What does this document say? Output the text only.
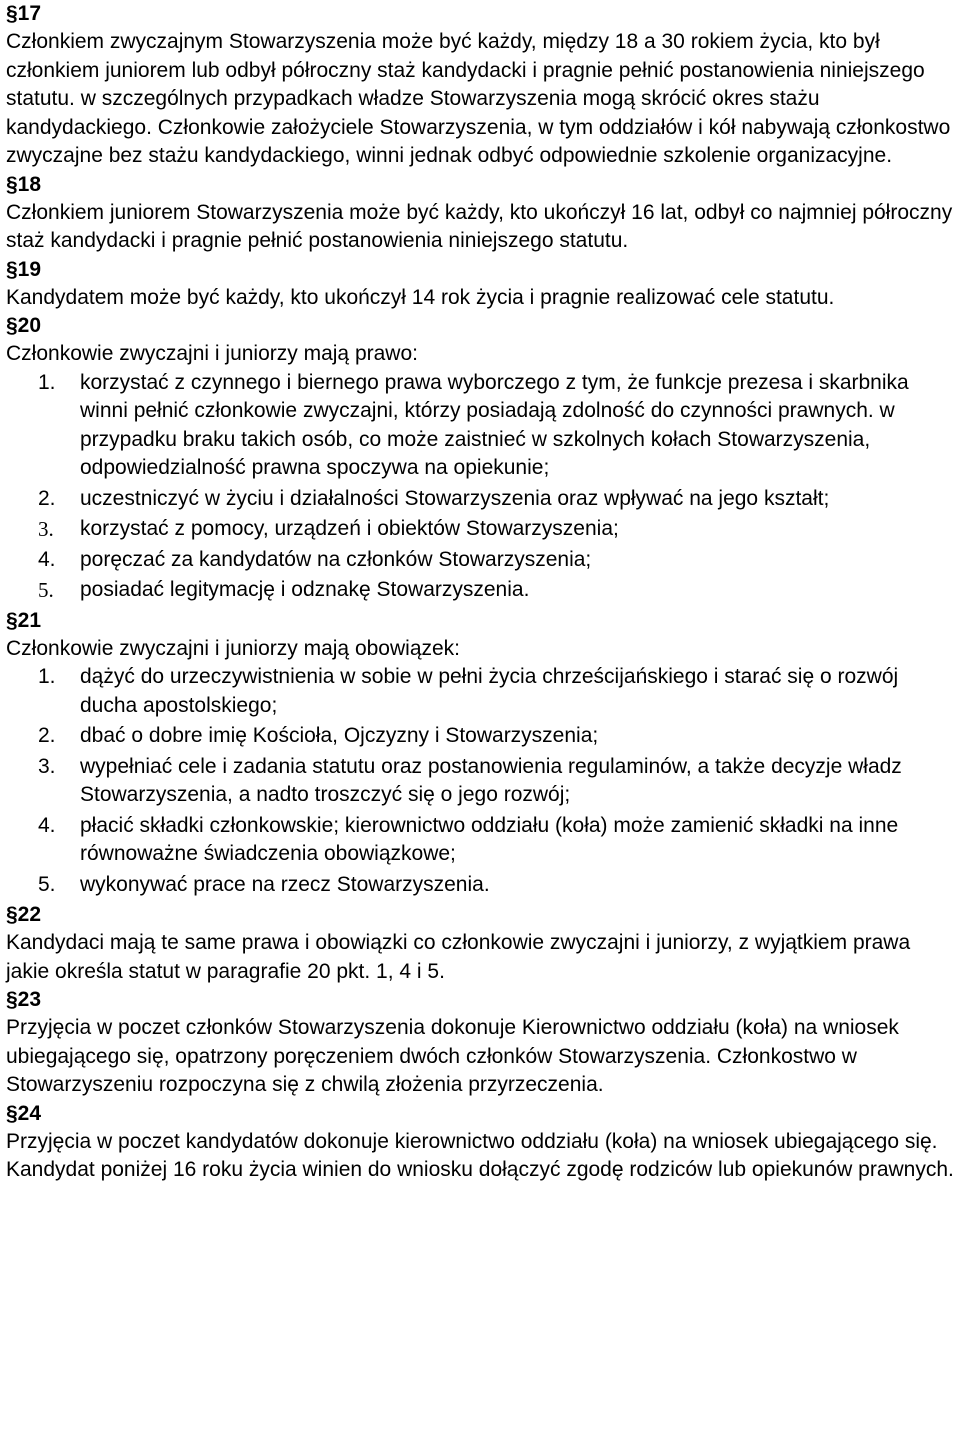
§17

Członkiem zwyczajnym Stowarzyszenia może być każdy, między 18 a 30 rokiem życia, kto był członkiem juniorem lub odbył półroczny staż kandydacki i pragnie pełnić postanowienia niniejszego statutu. w szczególnych przypadkach władze Stowarzyszenia mogą skrócić okres stażu kandydackiego. Członkowie założyciele Stowarzyszenia, w tym oddziałów i kół nabywają członkostwo zwyczajne bez stażu kandydackiego, winni jednak odbyć odpowiednie szkolenie organizacyjne.

§18

Członkiem juniorem Stowarzyszenia może być każdy, kto ukończył 16 lat, odbył co najmniej półroczny staż kandydacki i pragnie pełnić postanowienia niniejszego statutu.

§19

Kandydatem może być każdy, kto ukończył 14 rok życia i pragnie realizować cele statutu.

§20

Członkowie zwyczajni i juniorzy mają prawo:

1. korzystać z czynnego i biernego prawa wyborczego z tym, że funkcje prezesa i skarbnika winni pełnić członkowie zwyczajni, którzy posiadają zdolność do czynności prawnych. w przypadku braku takich osób, co może zaistnieć w szkolnych kołach Stowarzyszenia, odpowiedzialność prawna spoczywa na opiekunie;
2. uczestniczyć w życiu i działalności Stowarzyszenia oraz wpływać na jego kształt;
3. korzystać z pomocy, urządzeń i obiektów Stowarzyszenia;
4. poręczać za kandydatów na członków Stowarzyszenia;
5. posiadać legitymację i odznakę Stowarzyszenia.
§21

Członkowie zwyczajni i juniorzy mają obowiązek:

1. dążyć do urzeczywistnienia w sobie w pełni życia chrześcijańskiego i starać się o rozwój ducha apostolskiego;
2. dbać o dobre imię Kościoła, Ojczyzny i Stowarzyszenia;
3. wypełniać cele i zadania statutu oraz postanowienia regulaminów, a także decyzje władz Stowarzyszenia, a nadto troszczyć się o jego rozwój;
4. płacić składki członkowskie; kierownictwo oddziału (koła) może zamienić składki na inne równoważne świadczenia obowiązkowe;
5. wykonywać prace na rzecz Stowarzyszenia.
§22

Kandydaci mają te same prawa i obowiązki co członkowie zwyczajni i juniorzy, z wyjątkiem prawa jakie określa statut w paragrafie 20 pkt. 1, 4 i 5.

§23

Przyjęcia w poczet członków Stowarzyszenia dokonuje Kierownictwo oddziału (koła) na wniosek ubiegającego się, opatrzony poręczeniem dwóch członków Stowarzyszenia. Członkostwo w Stowarzyszeniu rozpoczyna się z chwilą złożenia przyrzeczenia.

§24

Przyjęcia w poczet kandydatów dokonuje kierownictwo oddziału (koła) na wniosek ubiegającego się. Kandydat poniżej 16 roku życia winien do wniosku dołączyć zgodę rodziców lub opiekunów prawnych.
